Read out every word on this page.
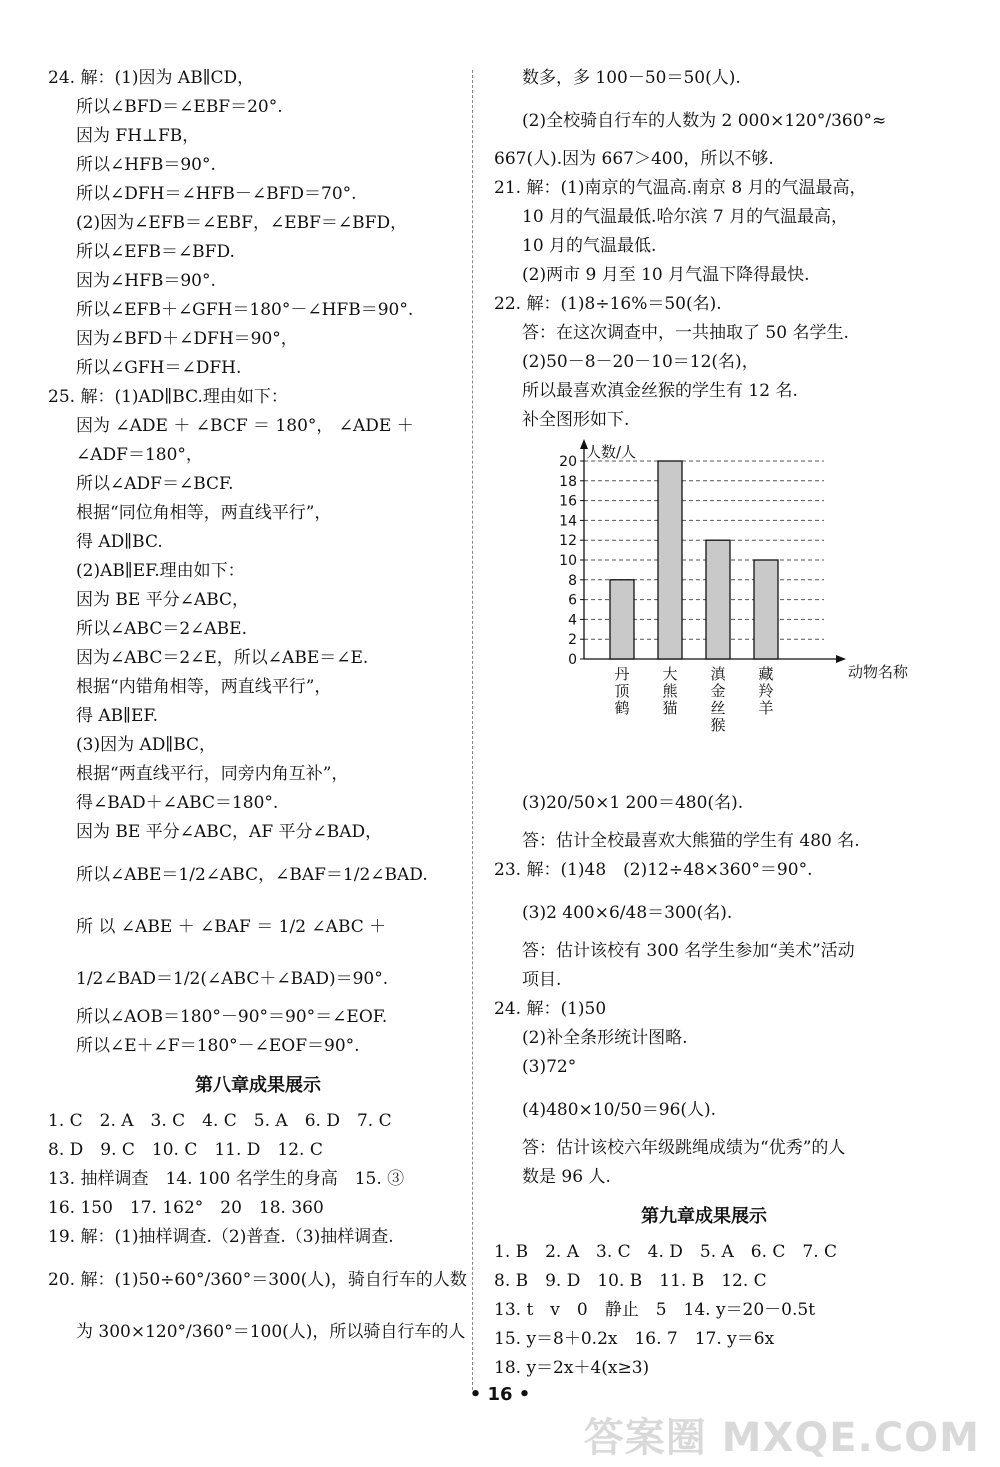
24. 解：(1)因为 AB∥CD，
所以∠BFD＝∠EBF＝20°.
因为 FH⊥FB，
所以∠HFB＝90°.
所以∠DFH＝∠HFB－∠BFD＝70°.
(2)因为∠EFB＝∠EBF，∠EBF＝∠BFD，
所以∠EFB＝∠BFD.
因为∠HFB＝90°.
所以∠EFB＋∠GFH＝180°－∠HFB＝90°.
因为∠BFD＋∠DFH＝90°，
所以∠GFH＝∠DFH.
25. 解：(1)AD∥BC.理由如下：
因为 ∠ADE ＋ ∠BCF ＝ 180°， ∠ADE ＋
∠ADF＝180°，
所以∠ADF＝∠BCF.
根据“同位角相等，两直线平行”，
得 AD∥BC.
(2)AB∥EF.理由如下：
因为 BE 平分∠ABC，
所以∠ABC＝2∠ABE.
因为∠ABC＝2∠E，所以∠ABE＝∠E.
根据“内错角相等，两直线平行”，
得 AB∥EF.
(3)因为 AD∥BC，
根据“两直线平行，同旁内角互补”，
得∠BAD＋∠ABC＝180°.
因为 BE 平分∠ABC，AF 平分∠BAD，
所以∠ABE＝1/2∠ABC，∠BAF＝1/2∠BAD.
所 以 ∠ABE ＋ ∠BAF ＝ 1/2 ∠ABC ＋
1/2∠BAD＝1/2(∠ABC＋∠BAD)＝90°.
所以∠AOB＝180°－90°＝90°＝∠EOF.
所以∠E＋∠F＝180°－∠EOF＝90°.
第八章成果展示
1. C　2. A　3. C　4. C　5. A　6. D　7. C
8. D　9. C　10. C　11. D　12. C
13. 抽样调查　14. 100 名学生的身高　15. ③
16. 150　17. 162°　20　18. 360
19. 解：(1)抽样调查.（2)普查.（3)抽样调查.
20. 解：(1)50÷60°/360°＝300(人)，骑自行车的人数
为 300×120°/360°＝100(人)，所以骑自行车的人
数多，多 100－50＝50(人).
(2)全校骑自行车的人数为 2 000×120°/360°≈
667(人).因为 667＞400，所以不够.
21. 解：(1)南京的气温高.南京 8 月的气温最高，
10 月的气温最低.哈尔滨 7 月的气温最高，
10 月的气温最低.
(2)两市 9 月至 10 月气温下降得最快.
22. 解：(1)8÷16%＝50(名).
答：在这次调查中，一共抽取了 50 名学生.
(2)50－8－20－10＝12(名)，
所以最喜欢滇金丝猴的学生有 12 名.
补全图形如下.
0
2
4
6
8
10
12
14
16
18
20
人数/人
动物名称
丹顶鹤
大熊猫
滇金丝猴
藏羚羊
(3)20/50×1 200＝480(名).
答：估计全校最喜欢大熊猫的学生有 480 名.
23. 解：(1)48　(2)12÷48×360°＝90°.
(3)2 400×6/48＝300(名).
答：估计该校有 300 名学生参加“美术”活动
项目.
24. 解：(1)50
(2)补全条形统计图略.
(3)72°
(4)480×10/50＝96(人).
答：估计该校六年级跳绳成绩为“优秀”的人
数是 96 人.
第九章成果展示
1. B　2. A　3. C　4. D　5. A　6. C　7. C
8. B　9. D　10. B　11. B　12. C
13. t　v　0　静止　5　14. y＝20－0.5t
15. y＝8＋0.2x　16. 7　17. y＝6x
18. y＝2x＋4(x≥3)
• 16 •
答案圈 MXQE.COM
